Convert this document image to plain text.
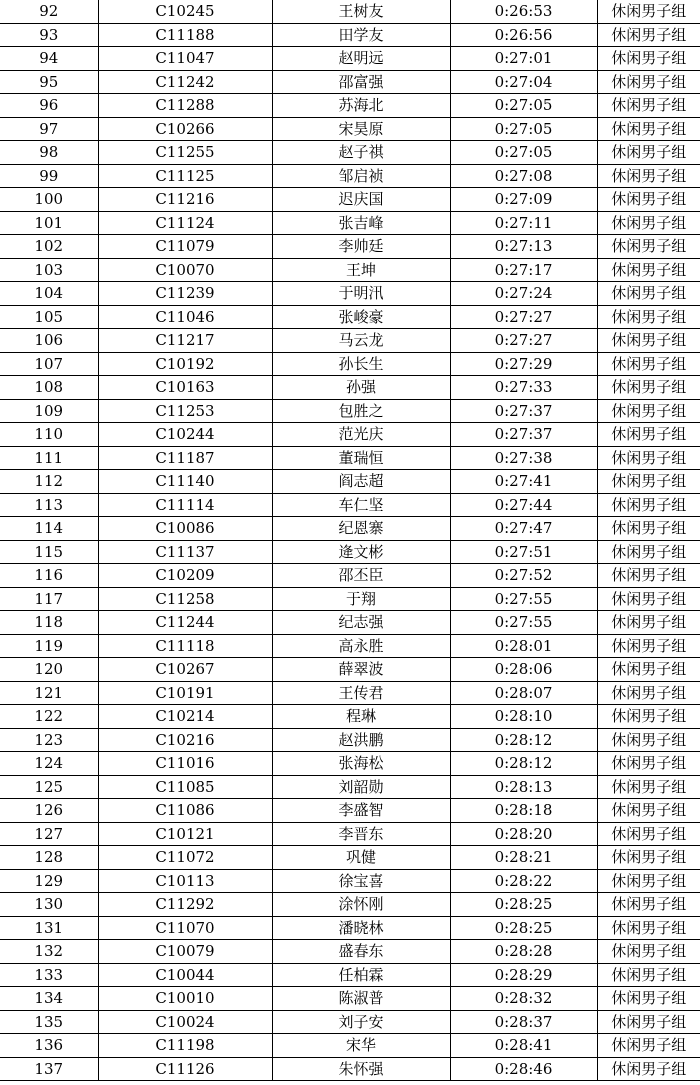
92	C10245	王树友	0:26:53	休闲男子组
93	C11188	田学友	0:26:56	休闲男子组
94	C11047	赵明远	0:27:01	休闲男子组
95	C11242	邵富强	0:27:04	休闲男子组
96	C11288	苏海北	0:27:05	休闲男子组
97	C10266	宋昊原	0:27:05	休闲男子组
98	C11255	赵子祺	0:27:05	休闲男子组
99	C11125	邹启祯	0:27:08	休闲男子组
100	C11216	迟庆国	0:27:09	休闲男子组
101	C11124	张吉峰	0:27:11	休闲男子组
102	C11079	李帅廷	0:27:13	休闲男子组
103	C10070	王坤	0:27:17	休闲男子组
104	C11239	于明汛	0:27:24	休闲男子组
105	C11046	张峻豪	0:27:27	休闲男子组
106	C11217	马云龙	0:27:27	休闲男子组
107	C10192	孙长生	0:27:29	休闲男子组
108	C10163	孙强	0:27:33	休闲男子组
109	C11253	包胜之	0:27:37	休闲男子组
110	C10244	范光庆	0:27:37	休闲男子组
111	C11187	董瑞恒	0:27:38	休闲男子组
112	C11140	阎志超	0:27:41	休闲男子组
113	C11114	车仁坚	0:27:44	休闲男子组
114	C10086	纪恩寨	0:27:47	休闲男子组
115	C11137	逄文彬	0:27:51	休闲男子组
116	C10209	邵丕臣	0:27:52	休闲男子组
117	C11258	于翔	0:27:55	休闲男子组
118	C11244	纪志强	0:27:55	休闲男子组
119	C11118	高永胜	0:28:01	休闲男子组
120	C10267	薛翠波	0:28:06	休闲男子组
121	C10191	王传君	0:28:07	休闲男子组
122	C10214	程琳	0:28:10	休闲男子组
123	C10216	赵洪鹏	0:28:12	休闲男子组
124	C11016	张海松	0:28:12	休闲男子组
125	C11085	刘韶勋	0:28:13	休闲男子组
126	C11086	李盛智	0:28:18	休闲男子组
127	C10121	李晋东	0:28:20	休闲男子组
128	C11072	巩健	0:28:21	休闲男子组
129	C10113	徐宝喜	0:28:22	休闲男子组
130	C11292	涂怀刚	0:28:25	休闲男子组
131	C11070	潘晓林	0:28:25	休闲男子组
132	C10079	盛春东	0:28:28	休闲男子组
133	C10044	任柏霖	0:28:29	休闲男子组
134	C10010	陈淑普	0:28:32	休闲男子组
135	C10024	刘子安	0:28:37	休闲男子组
136	C11198	宋华	0:28:41	休闲男子组
137	C11126	朱怀强	0:28:46	休闲男子组
